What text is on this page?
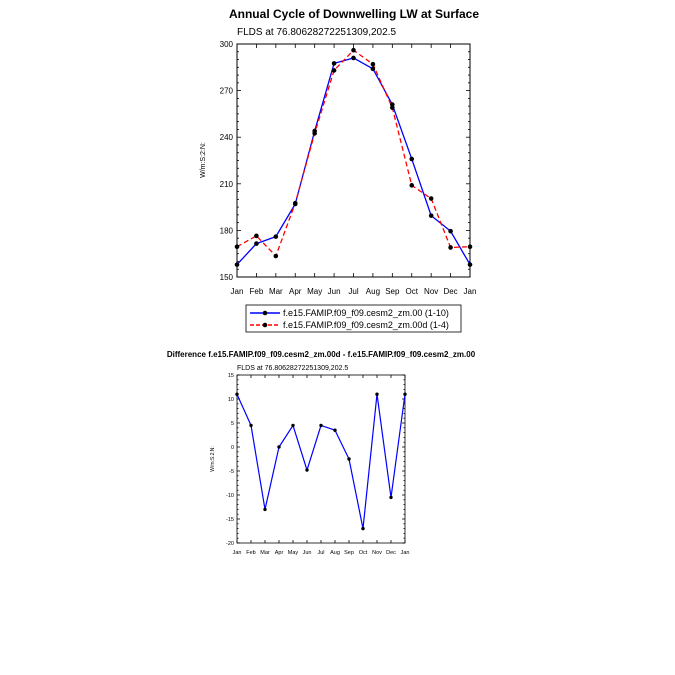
Annual Cycle of Downwelling LW at Surface
FLDS at 76.80628272251309,202.5
W/m:S:2:N:
150
180
210
240
270
300
Jan Feb Mar Apr May Jun Jul Aug Sep Oct Nov Dec Jan
f.e15.FAMIP.f09_f09.cesm2_zm.00 (1-10)
f.e15.FAMIP.f09_f09.cesm2_zm.00d (1-4)
Difference f.e15.FAMIP.f09_f09.cesm2_zm.00d - f.e15.FAMIP.f09_f09.cesm2_zm.00
FLDS at 76.80628272251309,202.5
W/m:S:2:N:
-20
-15
-10
-5
0
5
10
15
Jan Feb Mar Apr May Jun Jul Aug Sep Oct Nov Dec Jan
